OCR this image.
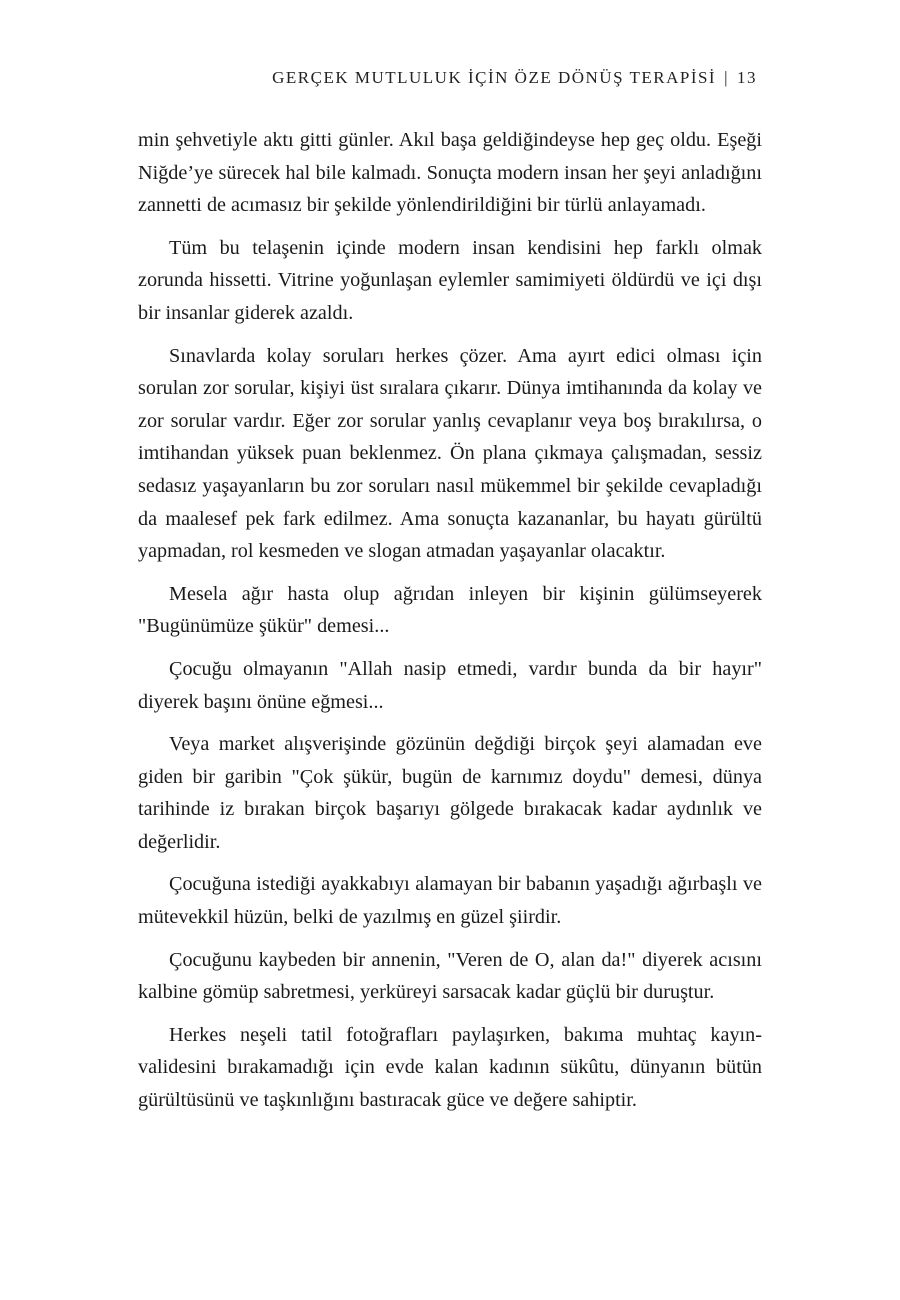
GERÇEK MUTLULUK İÇİN ÖZE DÖNÜŞ TERAPİSİ | 13

min şehvetiyle aktı gitti günler. Akıl başa geldiğindeyse hep geç oldu. Eşeği Niğde’ye sürecek hal bile kalmadı. Sonuçta modern insan her şeyi anladığını zannetti de acımasız bir şekilde yönlendirildiğini bir türlü anlayamadı.

Tüm bu telaşenin içinde modern insan kendisini hep farklı olmak zorunda hissetti. Vitrine yoğunlaşan eylemler samimiyeti öldürdü ve içi dışı bir insanlar giderek azaldı.

Sınavlarda kolay soruları herkes çözer. Ama ayırt edici olması için sorulan zor sorular, kişiyi üst sıralara çıkarır. Dünya imtihanında da kolay ve zor sorular vardır. Eğer zor sorular yanlış cevaplanır veya boş bırakılırsa, o imtihandan yüksek puan beklenmez. Ön plana çıkmaya çalışmadan, sessiz sedasız yaşayanların bu zor soruları nasıl mükemmel bir şekilde cevapladığı da maalesef pek fark edilmez. Ama sonuçta kazananlar, bu hayatı gürültü yapmadan, rol kesmeden ve slogan atmadan yaşayanlar olacaktır.

Mesela ağır hasta olup ağrıdan inleyen bir kişinin gülümseyerek "Bugünümüze şükür" demesi...

Çocuğu olmayanın "Allah nasip etmedi, vardır bunda da bir hayır" diyerek başını önüne eğmesi...

Veya market alışverişinde gözünün değdiği birçok şeyi alamadan eve giden bir garibin "Çok şükür, bugün de karnımız doydu" demesi, dünya tarihinde iz bırakan birçok başarıyı gölgede bırakacak kadar aydınlık ve değerlidir.

Çocuğuna istediği ayakkabıyı alamayan bir babanın yaşadığı ağırbaşlı ve mütevekkil hüzün, belki de yazılmış en güzel şiirdir.

Çocuğunu kaybeden bir annenin, "Veren de O, alan da!" diyerek acısını kalbine gömüp sabretmesi, yerküreyi sarsacak kadar güçlü bir duruştur.

Herkes neşeli tatil fotoğrafları paylaşırken, bakıma muhtaç kayınvalidesini bırakamadığı için evde kalan kadının sükûtu, dünyanın bütün gürültüsünü ve taşkınlığını bastıracak güce ve değere sahiptir.
